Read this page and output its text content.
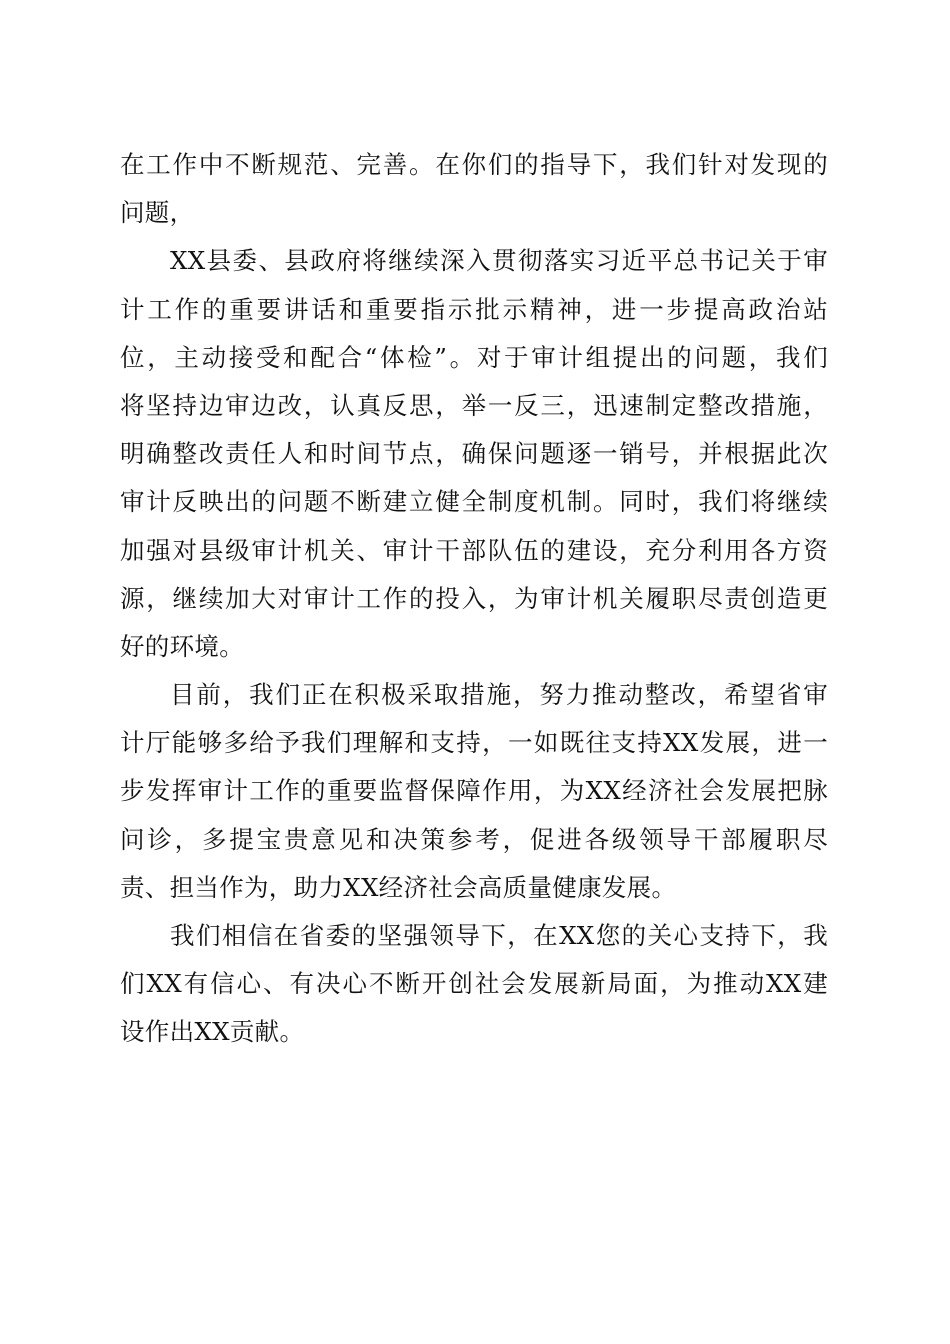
在工作中不断规范、完善。在你们的指导下，我们针对发现的
问题，
XX县委、县政府将继续深入贯彻落实习近平总书记关于审
计工作的重要讲话和重要指示批示精神，进一步提高政治站
位，主动接受和配合“体检”。对于审计组提出的问题，我们
将坚持边审边改，认真反思，举一反三，迅速制定整改措施，
明确整改责任人和时间节点，确保问题逐一销号，并根据此次
审计反映出的问题不断建立健全制度机制。同时，我们将继续
加强对县级审计机关、审计干部队伍的建设，充分利用各方资
源，继续加大对审计工作的投入，为审计机关履职尽责创造更
好的环境。
目前，我们正在积极采取措施，努力推动整改，希望省审
计厅能够多给予我们理解和支持，一如既往支持XX发展，进一
步发挥审计工作的重要监督保障作用，为XX经济社会发展把脉
问诊，多提宝贵意见和决策参考，促进各级领导干部履职尽
责、担当作为，助力XX经济社会高质量健康发展。
我们相信在省委的坚强领导下，在XX您的关心支持下，我
们XX有信心、有决心不断开创社会发展新局面，为推动XX建
设作出XX贡献。
